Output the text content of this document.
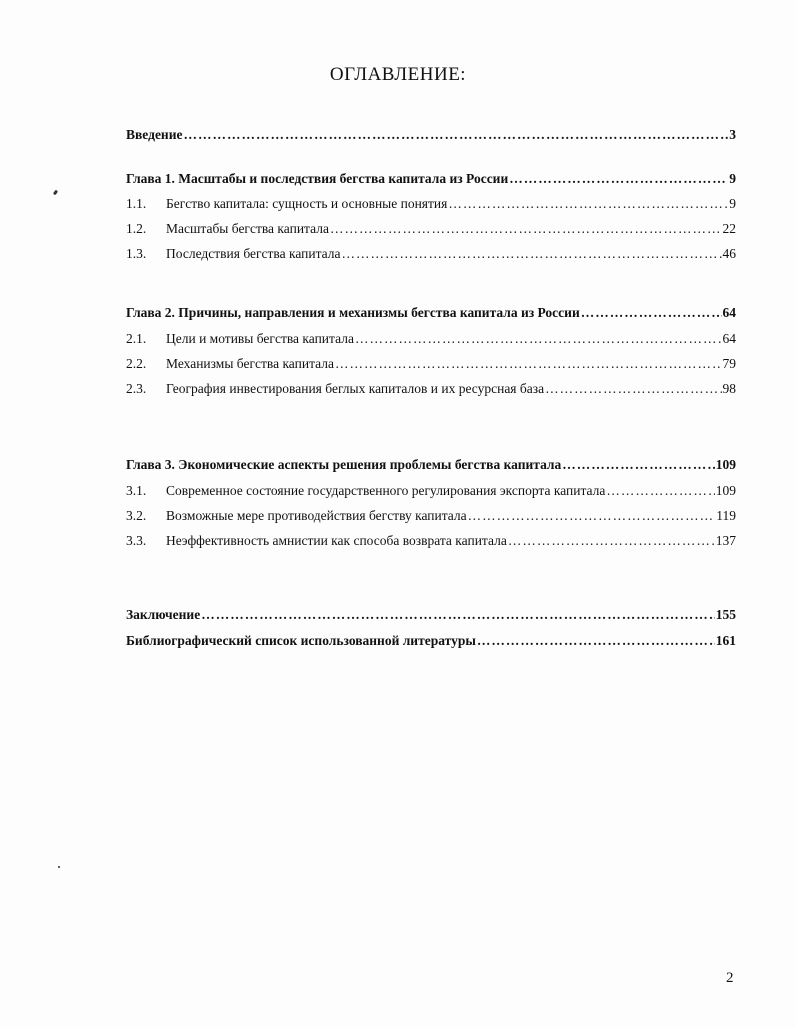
ОГЛАВЛЕНИЕ:
Введение ……………………………………………………………………………………………………………………………………………………………………………	3
Глава 1. Масштабы и последствия бегства капитала из России ……………………………………………………………………………………………………………………………………………………………………………	9
1.1.	Бегство капитала: сущность и основные понятия ……………………………………………………………………………………………………………………………………………………………………………	9
1.2.	Масштабы бегства капитала ……………………………………………………………………………………………………………………………………………………………………………	22
1.3.	Последствия бегства капитала ……………………………………………………………………………………………………………………………………………………………………………	46
Глава 2. Причины, направления и механизмы бегства капитала из России ……………………………………………………………………………………………………………………………………………………………………………	64
2.1.	Цели и мотивы бегства капитала ……………………………………………………………………………………………………………………………………………………………………………	64
2.2.	Механизмы бегства капитала ……………………………………………………………………………………………………………………………………………………………………………	79
2.3.	География инвестирования беглых капиталов и их ресурсная база ……………………………………………………………………………………………………………………………………………………………………………	98
Глава 3. Экономические аспекты решения проблемы бегства капитала ……………………………………………………………………………………………………………………………………………………………………………	109
3.1.	Современное состояние государственного регулирования экспорта капитала ……………………………………………………………………………………………………………………………………………………………………………	109
3.2.	Возможные мере противодействия бегству капитала ……………………………………………………………………………………………………………………………………………………………………………	119
3.3.	Неэффективность амнистии как способа возврата капитала ……………………………………………………………………………………………………………………………………………………………………………	137
Заключение ……………………………………………………………………………………………………………………………………………………………………………	155
Библиографический список использованной литературы ……………………………………………………………………………………………………………………………………………………………………………	161
2
